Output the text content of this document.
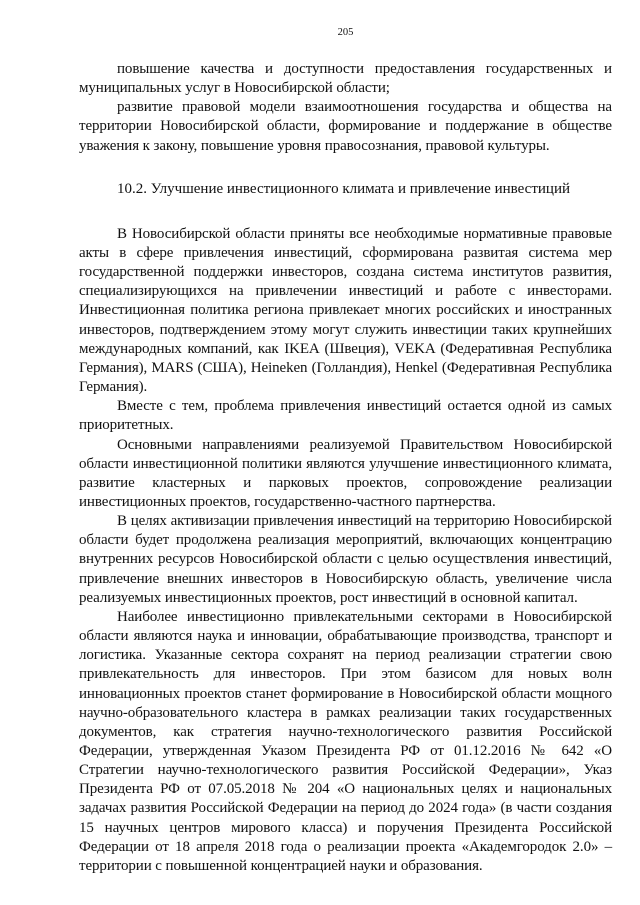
205

повышение качества и доступности предоставления государственных и муниципальных услуг в Новосибирской области;

развитие правовой модели взаимоотношения государства и общества на территории Новосибирской области, формирование и поддержание в обществе уважения к закону, повышение уровня правосознания, правовой культуры.

10.2. Улучшение инвестиционного климата и привлечение инвестиций

В Новосибирской области приняты все необходимые нормативные правовые акты в сфере привлечения инвестиций, сформирована развитая система мер государственной поддержки инвесторов, создана система институтов развития, специализирующихся на привлечении инвестиций и работе с инвесторами. Инвестиционная политика региона привлекает многих российских и иностранных инвесторов, подтверждением этому могут служить инвестиции таких крупнейших международных компаний, как IKEA (Швеция), VEKA (Федеративная Республика Германия), MARS (США), Heineken (Голландия), Henkel (Федеративная Республика Германия).

Вместе с тем, проблема привлечения инвестиций остается одной из самых приоритетных.

Основными направлениями реализуемой Правительством Новосибирской области инвестиционной политики являются улучшение инвестиционного климата, развитие кластерных и парковых проектов, сопровождение реализации инвестиционных проектов, государственно-частного партнерства.

В целях активизации привлечения инвестиций на территорию Новосибирской области будет продолжена реализация мероприятий, включающих концентрацию внутренних ресурсов Новосибирской области с целью осуществления инвестиций, привлечение внешних инвесторов в Новосибирскую область, увеличение числа реализуемых инвестиционных проектов, рост инвестиций в основной капитал.

Наиболее инвестиционно привлекательными секторами в Новосибирской области являются наука и инновации, обрабатывающие производства, транспорт и логистика. Указанные сектора сохранят на период реализации стратегии свою привлекательность для инвесторов. При этом базисом для новых волн инновационных проектов станет формирование в Новосибирской области мощного научно-образовательного кластера в рамках реализации таких государственных документов, как стратегия научно-технологического развития Российской Федерации, утвержденная Указом Президента РФ от 01.12.2016 № 642 «О Стратегии научно-технологического развития Российской Федерации», Указ Президента РФ от 07.05.2018 № 204 «О национальных целях и национальных задачах развития Российской Федерации на период до 2024 года» (в части создания 15 научных центров мирового класса) и поручения Президента Российской Федерации от 18 апреля 2018 года о реализации проекта «Академгородок 2.0» – территории с повышенной концентрацией науки и образования.
